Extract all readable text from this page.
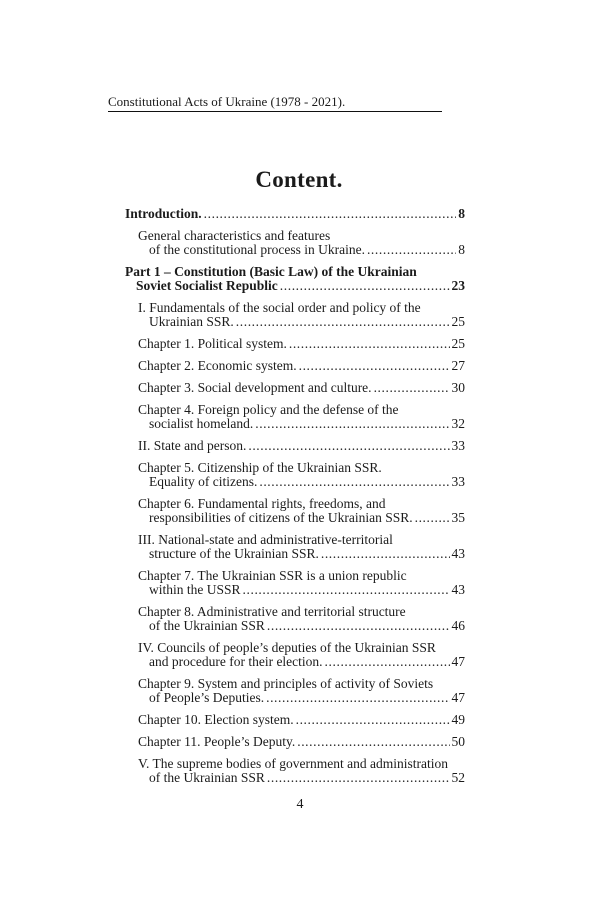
Constitutional Acts of Ukraine (1978 - 2021).
Content.
Introduction. .....	8
General characteristics and features
of the constitutional process in Ukraine. .....	8
Part 1 – Constitution (Basic Law) of the Ukrainian
Soviet Socialist Republic .....	23
I. Fundamentals of the social order and policy of the
Ukrainian SSR. .....	25
Chapter 1. Political system. .....	25
Chapter 2. Economic system. .....	27
Chapter 3. Social development and culture. .....	30
Chapter 4. Foreign policy and the defense of the
socialist homeland. .....	32
II. State and person. .....	33
Chapter 5. Citizenship of the Ukrainian SSR.
Equality of citizens. .....	33
Chapter 6. Fundamental rights, freedoms, and
responsibilities of citizens of the Ukrainian SSR. .....	35
III. National-state and administrative-territorial
structure of the Ukrainian SSR. .....	43
Chapter 7. The Ukrainian SSR is a union republic
within the USSR .....	43
Chapter 8. Administrative and territorial structure
of the Ukrainian SSR .....	46
IV. Councils of people’s deputies of the Ukrainian SSR
and procedure for their election. .....	47
Chapter 9. System and principles of activity of Soviets
of People’s Deputies. .....	47
Chapter 10. Election system. .....	49
Chapter 11. People’s Deputy. .....	50
V. The supreme bodies of government and administration
of the Ukrainian SSR .....	52
4
